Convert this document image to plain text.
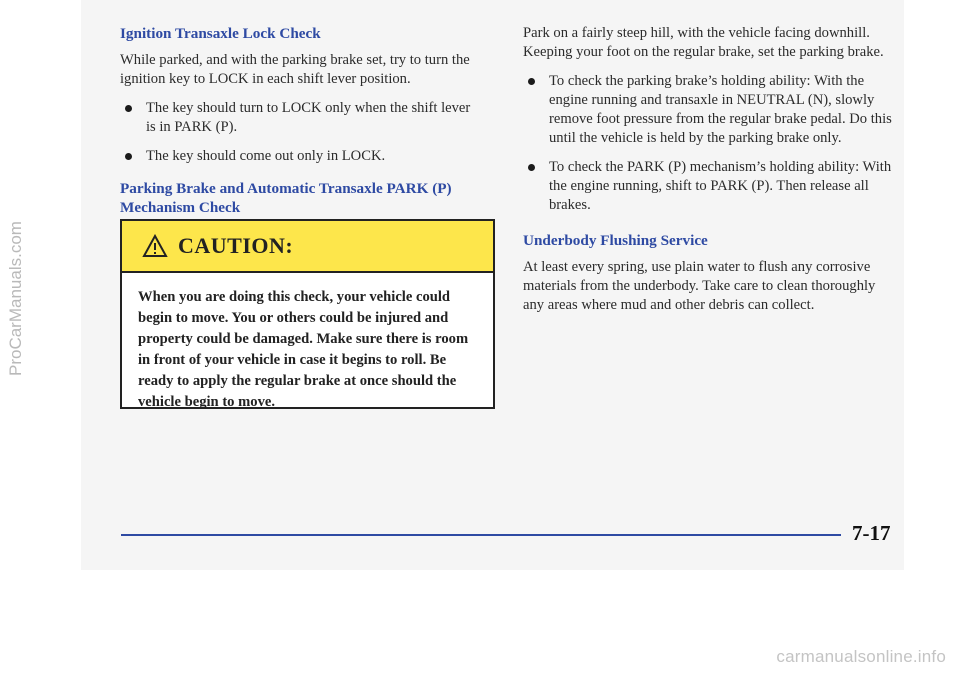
ProCarManuals.com
Ignition Transaxle Lock Check

While parked, and with the parking brake set, try to turn the ignition key to LOCK in each shift lever position.

The key should turn to LOCK only when the shift lever is in PARK (P).
The key should come out only in LOCK.
Parking Brake and Automatic Transaxle PARK (P) Mechanism Check
CAUTION:
When you are doing this check, your vehicle could begin to move. You or others could be injured and property could be damaged. Make sure there is room in front of your vehicle in case it begins to roll. Be ready to apply the regular brake at once should the vehicle begin to move.

Park on a fairly steep hill, with the vehicle facing downhill. Keeping your foot on the regular brake, set the parking brake.

To check the parking brake’s holding ability: With the engine running and transaxle in NEUTRAL (N), slowly remove foot pressure from the regular brake pedal. Do this until the vehicle is held by the parking brake only.
To check the PARK (P) mechanism’s holding ability: With the engine running, shift to PARK (P). Then release all brakes.
Underbody Flushing Service

At least every spring, use plain water to flush any corrosive materials from the underbody. Take care to clean thoroughly any areas where mud and other debris can collect.

7-17
carmanualsonline.info
